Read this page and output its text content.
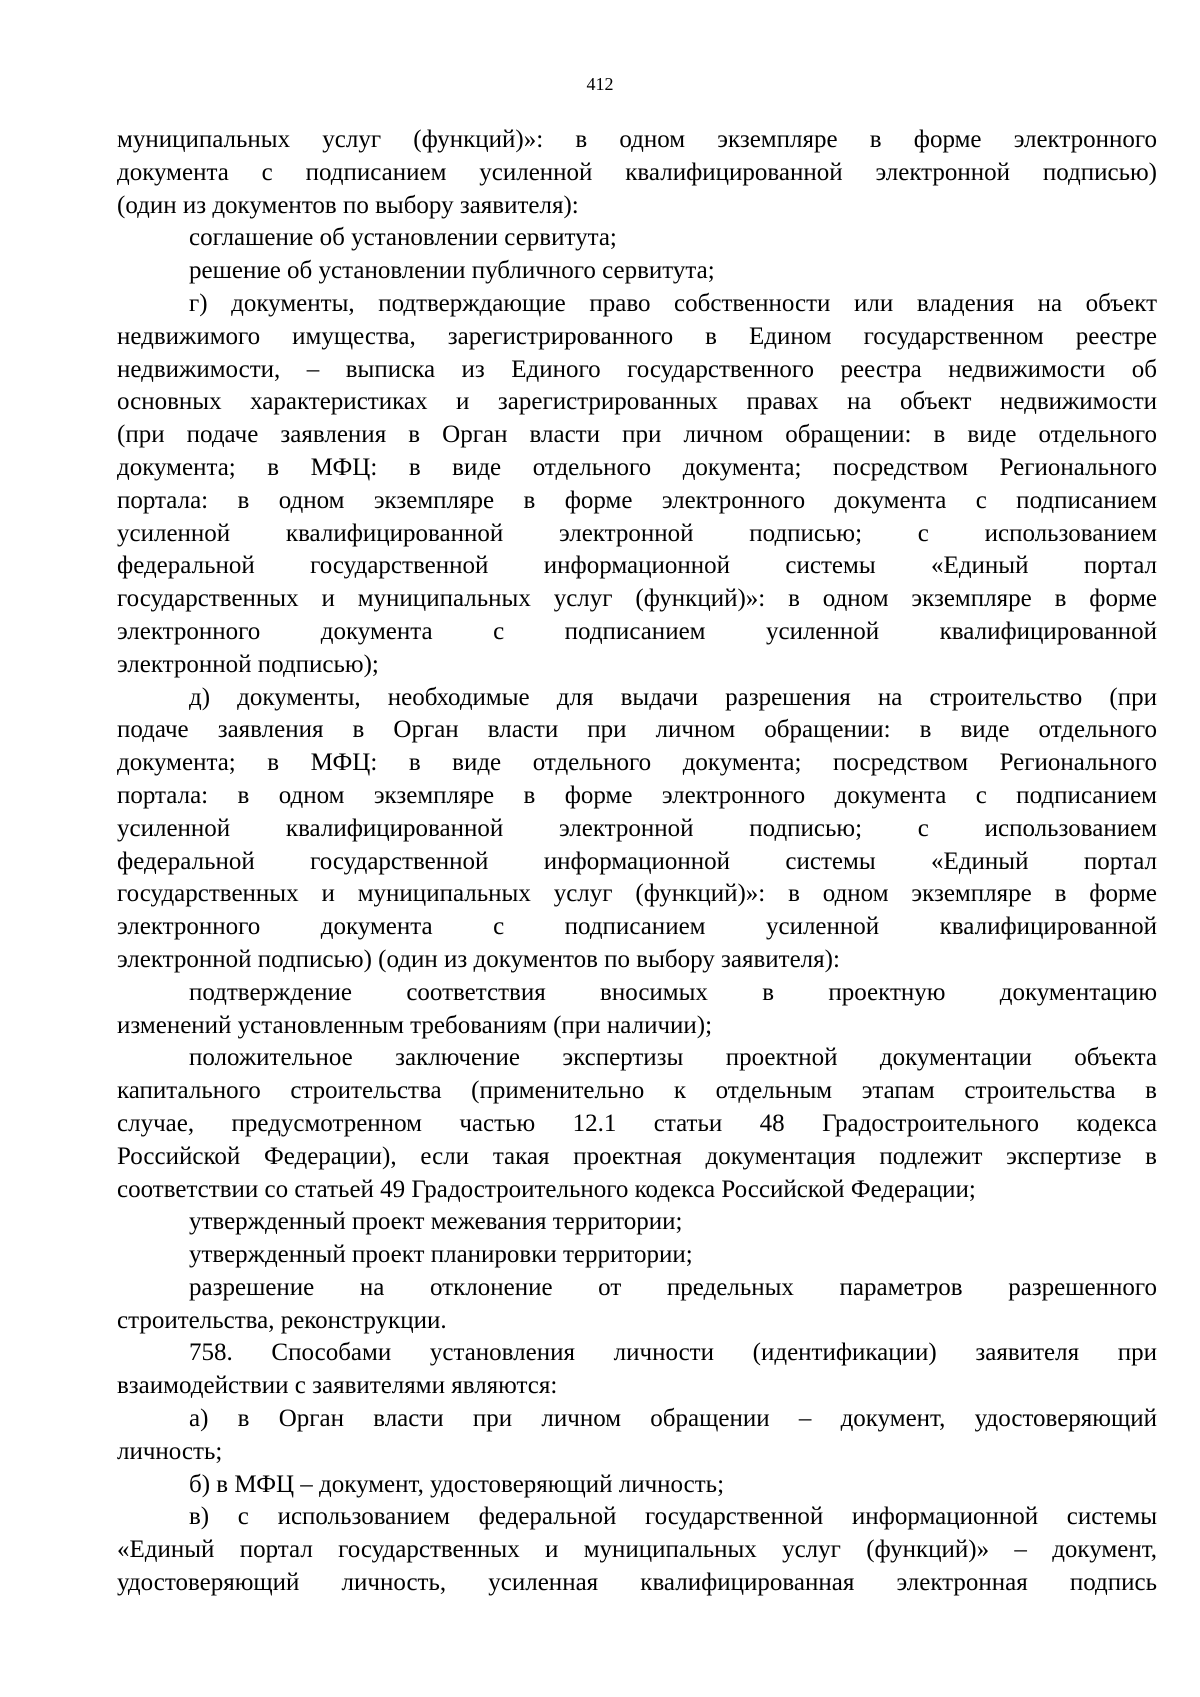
412
муниципальных услуг (функций)»: в одном экземпляре в форме электронного
документа с подписанием усиленной квалифицированной электронной подписью)
(один из документов по выбору заявителя):
соглашение об установлении сервитута;
решение об установлении публичного сервитута;
г) документы, подтверждающие право собственности или владения на объект
недвижимого имущества, зарегистрированного в Едином государственном реестре
недвижимости, – выписка из Единого государственного реестра недвижимости об
основных характеристиках и зарегистрированных правах на объект недвижимости
(при подаче заявления в Орган власти при личном обращении: в виде отдельного
документа; в МФЦ: в виде отдельного документа; посредством Регионального
портала: в одном экземпляре в форме электронного документа с подписанием
усиленной квалифицированной электронной подписью; с использованием
федеральной государственной информационной системы «Единый портал
государственных и муниципальных услуг (функций)»: в одном экземпляре в форме
электронного документа с подписанием усиленной квалифицированной
электронной подписью);
д) документы, необходимые для выдачи разрешения на строительство (при
подаче заявления в Орган власти при личном обращении: в виде отдельного
документа; в МФЦ: в виде отдельного документа; посредством Регионального
портала: в одном экземпляре в форме электронного документа с подписанием
усиленной квалифицированной электронной подписью; с использованием
федеральной государственной информационной системы «Единый портал
государственных и муниципальных услуг (функций)»: в одном экземпляре в форме
электронного документа с подписанием усиленной квалифицированной
электронной подписью) (один из документов по выбору заявителя):
подтверждение соответствия вносимых в проектную документацию
изменений установленным требованиям (при наличии);
положительное заключение экспертизы проектной документации объекта
капитального строительства (применительно к отдельным этапам строительства в
случае, предусмотренном частью 12.1 статьи 48 Градостроительного кодекса
Российской Федерации), если такая проектная документация подлежит экспертизе в
соответствии со статьей 49 Градостроительного кодекса Российской Федерации;
утвержденный проект межевания территории;
утвержденный проект планировки территории;
разрешение на отклонение от предельных параметров разрешенного
строительства, реконструкции.
758. Способами установления личности (идентификации) заявителя при
взаимодействии с заявителями являются:
а) в Орган власти при личном обращении – документ, удостоверяющий
личность;
б) в МФЦ – документ, удостоверяющий личность;
в) с использованием федеральной государственной информационной системы
«Единый портал государственных и муниципальных услуг (функций)» – документ,
удостоверяющий личность, усиленная квалифицированная электронная подпись
